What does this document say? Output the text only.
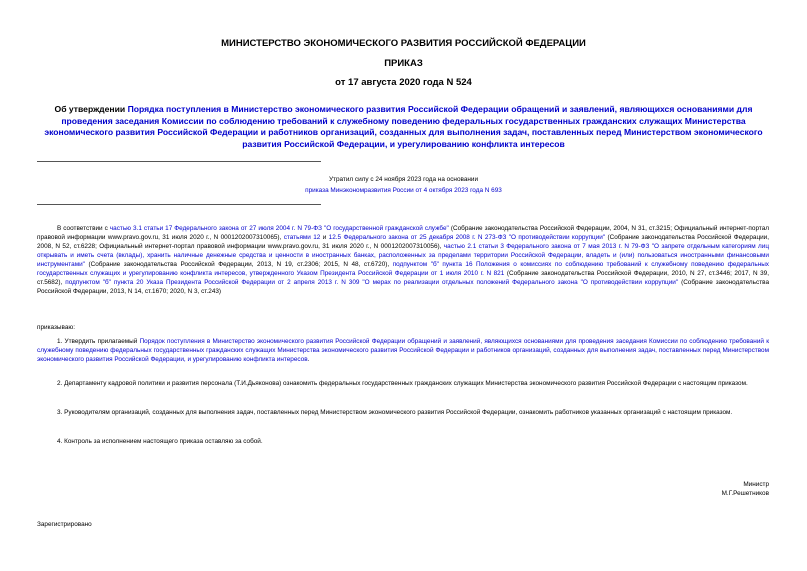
МИНИСТЕРСТВО ЭКОНОМИЧЕСКОГО РАЗВИТИЯ РОССИЙСКОЙ ФЕДЕРАЦИИ
ПРИКАЗ
от 17 августа 2020 года N 524
Об утверждении Порядка поступления в Министерство экономического развития Российской Федерации обращений и заявлений, являющихся основаниями для проведения заседания Комиссии по соблюдению требований к служебному поведению федеральных государственных гражданских служащих Министерства экономического развития Российской Федерации и работников организаций, созданных для выполнения задач, поставленных перед Министерством экономического развития Российской Федерации, и урегулированию конфликта интересов
Утратил силу с 24 ноября 2023 года на основании
приказа Минэкономразвития России от 4 октября 2023 года N 693
В соответствии с частью 3.1 статьи 17 Федерального закона от 27 июля 2004 г. N 79-ФЗ "О государственной гражданской службе" (Собрание законодательства Российской Федерации, 2004, N 31, ст.3215; Официальный интернет-портал правовой информации www.pravo.gov.ru, 31 июля 2020 г., N 0001202007310065), статьями 12 и 12.5 Федерального закона от 25 декабря 2008 г. N 273-ФЗ "О противодействии коррупции" (Собрание законодательства Российской Федерации, 2008, N 52, ст.6228; Официальный интернет-портал правовой информации www.pravo.gov.ru, 31 июля 2020 г., N 0001202007310056), частью 2.1 статьи 3 Федерального закона от 7 мая 2013 г. N 79-ФЗ "О запрете отдельным категориям лиц открывать и иметь счета (вклады), хранить наличные денежные средства и ценности в иностранных банках, расположенных за пределами территории Российской Федерации, владеть и (или) пользоваться иностранными финансовыми инструментами" (Собрание законодательства Российской Федерации, 2013, N 19, ст.2306; 2015, N 48, ст.6720), подпунктом "б" пункта 16 Положения о комиссиях по соблюдению требований к служебному поведению федеральных государственных служащих и урегулированию конфликта интересов, утвержденного Указом Президента Российской Федерации от 1 июля 2010 г. N 821 (Собрание законодательства Российской Федерации, 2010, N 27, ст.3446; 2017, N 39, ст.5682), подпунктом "б" пункта 20 Указа Президента Российской Федерации от 2 апреля 2013 г. N 309 "О мерах по реализации отдельных положений Федерального закона "О противодействии коррупции" (Собрание законодательства Российской Федерации, 2013, N 14, ст.1670; 2020, N 3, ст.243)
приказываю:
1. Утвердить прилагаемый Порядок поступления в Министерство экономического развития Российской Федерации обращений и заявлений, являющихся основаниями для проведения заседания Комиссии по соблюдению требований к служебному поведению федеральных государственных гражданских служащих Министерства экономического развития Российской Федерации и работников организаций, созданных для выполнения задач, поставленных перед Министерством экономического развития Российской Федерации, и урегулированию конфликта интересов.
2. Департаменту кадровой политики и развития персонала (Т.И.Дьяконова) ознакомить федеральных государственных гражданских служащих Министерства экономического развития Российской Федерации с настоящим приказом.
3. Руководителям организаций, созданных для выполнения задач, поставленных перед Министерством экономического развития Российской Федерации, ознакомить работников указанных организаций с настоящим приказом.
4. Контроль за исполнением настоящего приказа оставляю за собой.
Министр
М.Г.Решетников
Зарегистрировано
